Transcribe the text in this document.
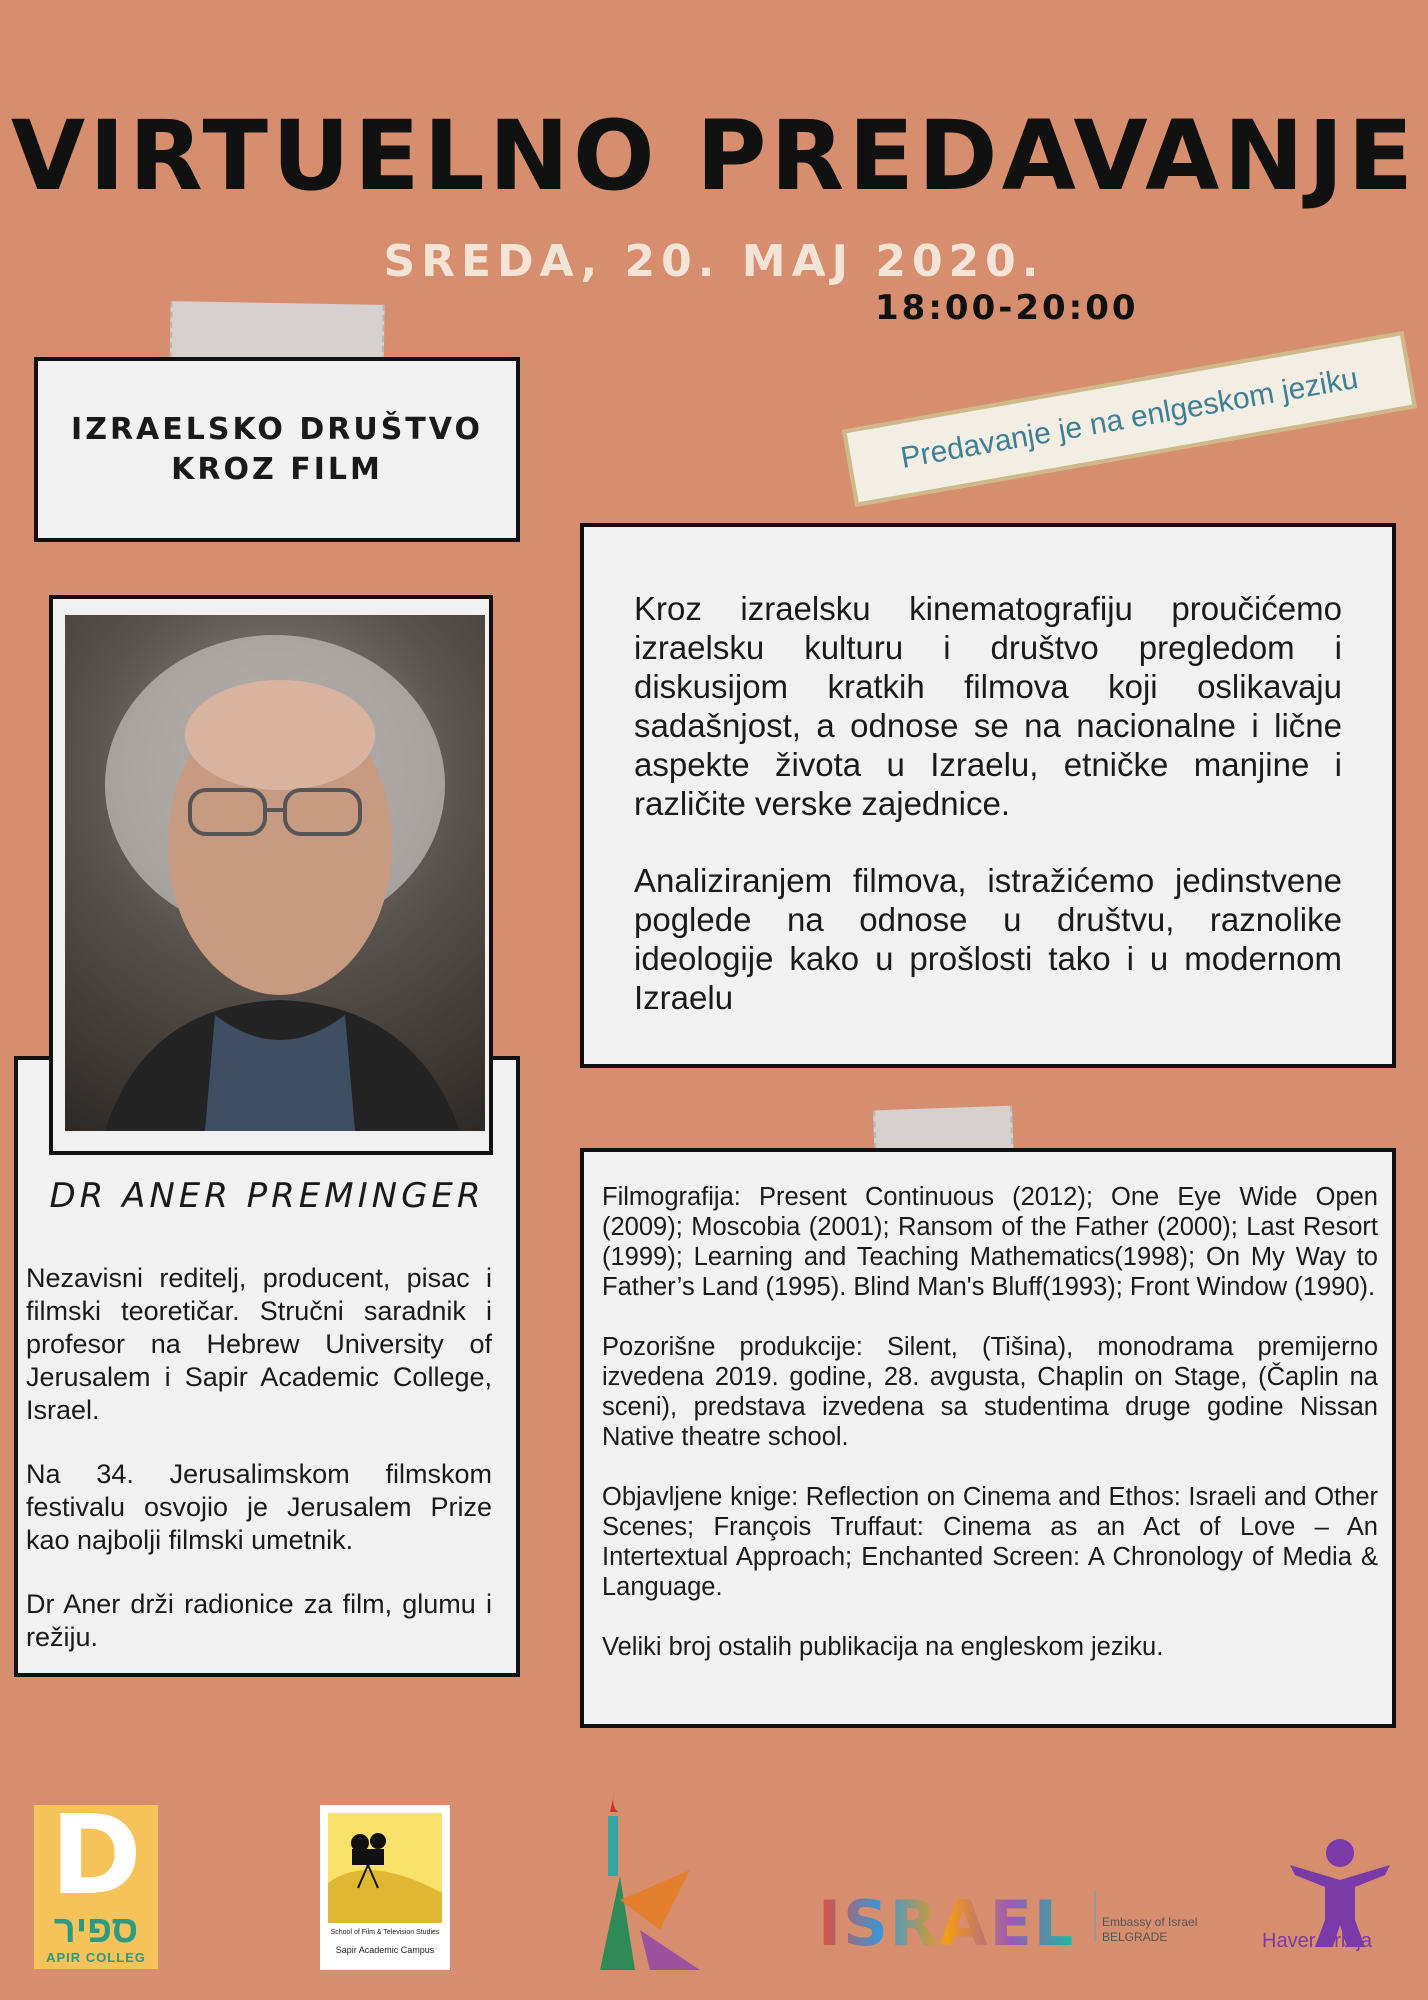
VIRTUELNO PREDAVANJE
SREDA, 20. MAJ 2020.
18:00-20:00
IZRAELSKO DRUŠTVO
KROZ FILM

Kroz izraelsku kinematografiju proučićemo izraelsku kulturu i društvo pregledom i diskusijom kratkih filmova koji oslikavaju sadašnjost, a odnose se na nacionalne i lične aspekte života u Izraelu, etničke manjine i različite verske zajednice.

Analiziranjem filmova, istražićemo jedinstvene poglede na odnose u društvu, raznolike ideologije kako u prošlosti tako i u modernom Izraelu

Predavanje je na enlgeskom jeziku
DR ANER PREMINGER

Nezavisni reditelj, producent, pisac i filmski teoretičar. Stručni saradnik i profesor na Hebrew University of Jerusalem i Sapir Academic College, Israel.

Na 34. Jerusalimskom filmskom festivalu osvojio je Jerusalem Prize kao najbolji filmski umetnik.

Dr Aner drži radionice za film, glumu i režiju.

Filmografija: Present Continuous (2012); One Eye Wide Open (2009); Moscobia (2001); Ransom of the Father (2000); Last Resort (1999); Learning and Teaching Mathematics(1998); On My Way to Father’s Land (1995). Blind Man's Bluff(1993); Front Window (1990).

Pozorišne produkcije: Silent, (Tišina), monodrama premijerno izvedena 2019. godine, 28. avgusta, Chaplin on Stage, (Čaplin na sceni), predstava izvedena sa studentima druge godine Nissan Native theatre school.

Objavljene knige: Reflection on Cinema and Ethos: Israeli and Other Scenes; François Truffaut: Cinema as an Act of Love – An Intertextual Approach; Enchanted Screen: A Chronology of Media & Language.

Veliki broj ostalih publikacija na engleskom jeziku.

D
ספיר
APIR COLLEG
School of Film & Television Studies
Sapir Academic Campus	ISRAEL Embassy of Israel
BELGRADE	Haver Srbija
